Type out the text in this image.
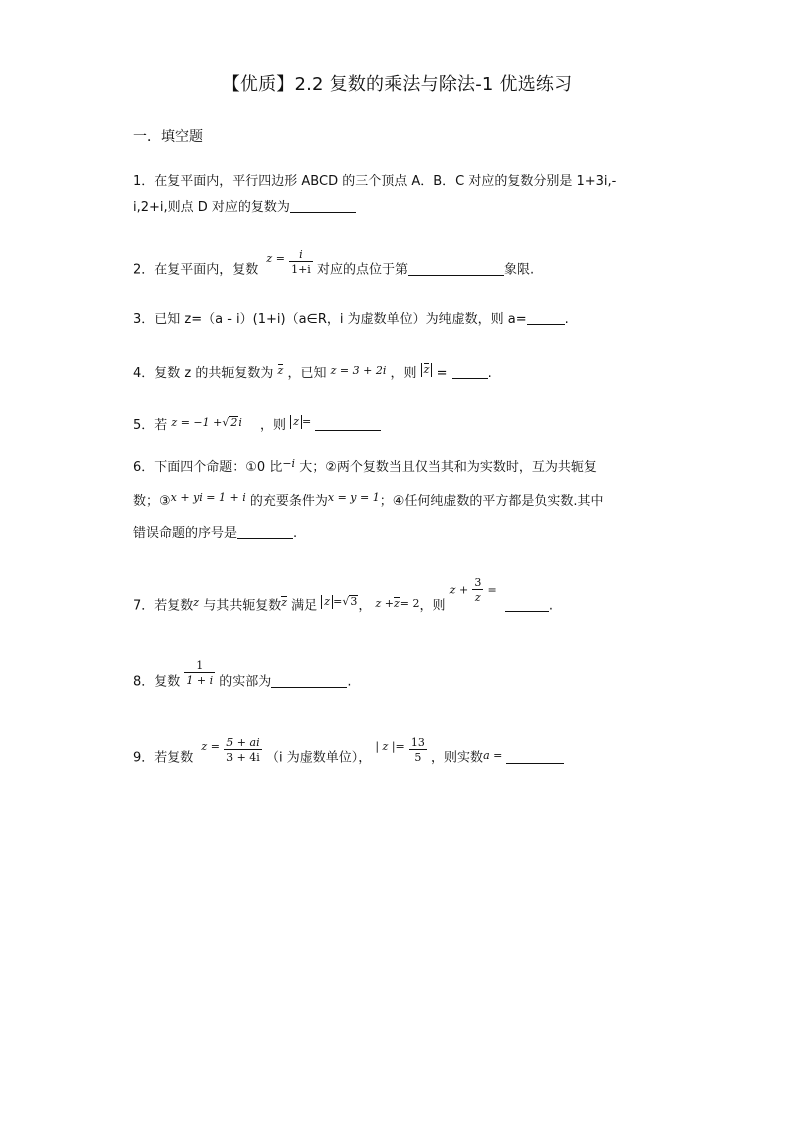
【优质】2.2 复数的乘法与除法-1 优选练习
一．填空题
1．在复平面内，平行四边形 ABCD 的三个顶点 A．B．C 对应的复数分别是 1+3i,-
i,2+i,则点 D 对应的复数为
2．在复平面内，复数 $z = \frac{i}{1+i}$ 对应的点位于第	象限.
3．已知 z=（a - i）(1+i)（a∈R，i 为虚数单位）为纯虚数，则 a=	.
4．复数 z 的共轭复数为 z ，已知 $^{z = 3 + 2i}$ ，则 z =	.
5．若 $^{z = -1 +√2i}$ ，则 z =
6．下面四个命题：①0 比$^{-i}$ 大；②两个复数当且仅当其和为实数时，互为共轭复
数；③$^{x + yi = 1 + i}$ 的充要条件为$^{x = y = 1}$；④任何纯虚数的平方都是负实数.其中
错误命题的序号是	.
7．若复数$^z$ 与其共轭复数z 满足 z =√3， $^{z +}z^{= 2}$，则 $z + \frac{3}{z}$ = .
8．复数 $\frac{1}{1 + i}$ 的实部为	.
9．若复数 $^{z =} \frac{5 + ai}{3 + 4i} (i$ 为虚数单位）， $^{| z |=} \frac{13}{5}$ ，则实数$^{a =}$
